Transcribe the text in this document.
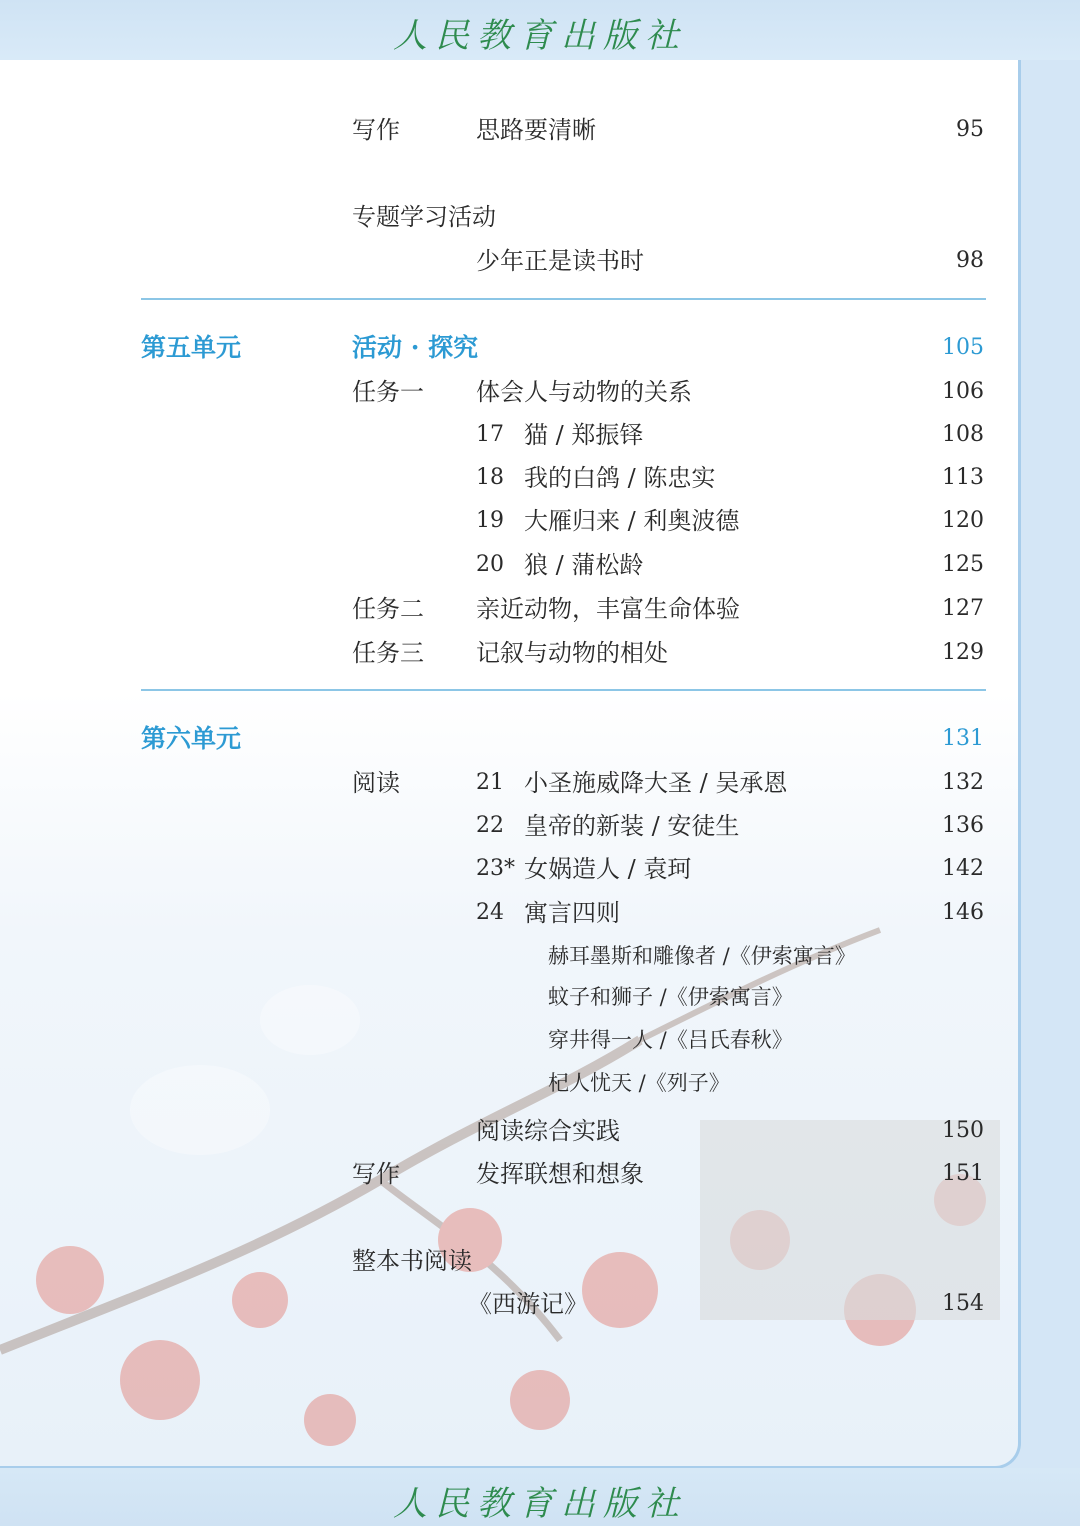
人民教育出版社
写作	思路要清晰	95
专题学习活动
少年正是读书时	98
第五单元	活动 · 探究	105
任务一 体会人与动物的关系	106
17 猫 / 郑振铎	108
18 我的白鸽 / 陈忠实	113
19 大雁归来 / 利奥波德	120
20 狼 / 蒲松龄	125
任务二 亲近动物，丰富生命体验	127
任务三 记叙与动物的相处	129
第六单元	131
阅读	21 小圣施威降大圣 / 吴承恩	132
22 皇帝的新装 / 安徒生	136
23* 女娲造人 / 袁珂	142
24 寓言四则	146
赫耳墨斯和雕像者 /《伊索寓言》
蚊子和狮子 /《伊索寓言》
穿井得一人 /《吕氏春秋》
杞人忧天 /《列子》
阅读综合实践	150
写作	发挥联想和想象	151
整本书阅读
《西游记》	154
人民教育出版社
